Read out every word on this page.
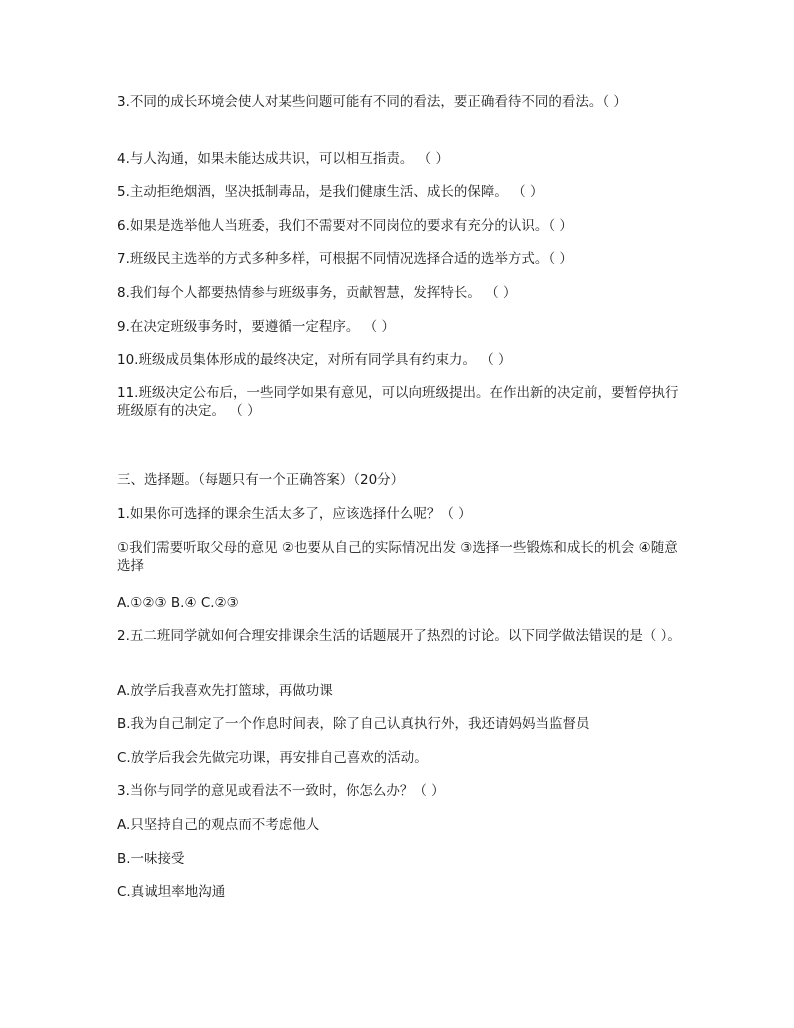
3.不同的成长环境会使人对某些问题可能有不同的看法，要正确看待不同的看法。（ ）
4.与人沟通，如果未能达成共识，可以相互指责。 （ ）
5.主动拒绝烟酒，坚决抵制毒品，是我们健康生活、成长的保障。 （ ）
6.如果是选举他人当班委，我们不需要对不同岗位的要求有充分的认识。（ ）
7.班级民主选举的方式多种多样，可根据不同情况选择合适的选举方式。（ ）
8.我们每个人都要热情参与班级事务，贡献智慧，发挥特长。 （ ）
9.在决定班级事务时，要遵循一定程序。 （ ）
10.班级成员集体形成的最终决定，对所有同学具有约束力。 （ ）
11.班级决定公布后，一些同学如果有意见，可以向班级提出。在作出新的决定前，要暂停执行班级原有的决定。 （ ）
三、选择题。（每题只有一个正确答案）（20分）
1.如果你可选择的课余生活太多了，应该选择什么呢？（ ）
①我们需要听取父母的意见 ②也要从自己的实际情况出发 ③选择一些锻炼和成长的机会 ④随意选择
A.①②③ B.④ C.②③
2.五二班同学就如何合理安排课余生活的话题展开了热烈的讨论。以下同学做法错误的是（ ）。
A.放学后我喜欢先打篮球，再做功课
B.我为自己制定了一个作息时间表，除了自己认真执行外，我还请妈妈当监督员
C.放学后我会先做完功课，再安排自己喜欢的活动。
3.当你与同学的意见或看法不一致时，你怎么办？（ ）
A.只坚持自己的观点而不考虑他人
B.一味接受
C.真诚坦率地沟通
